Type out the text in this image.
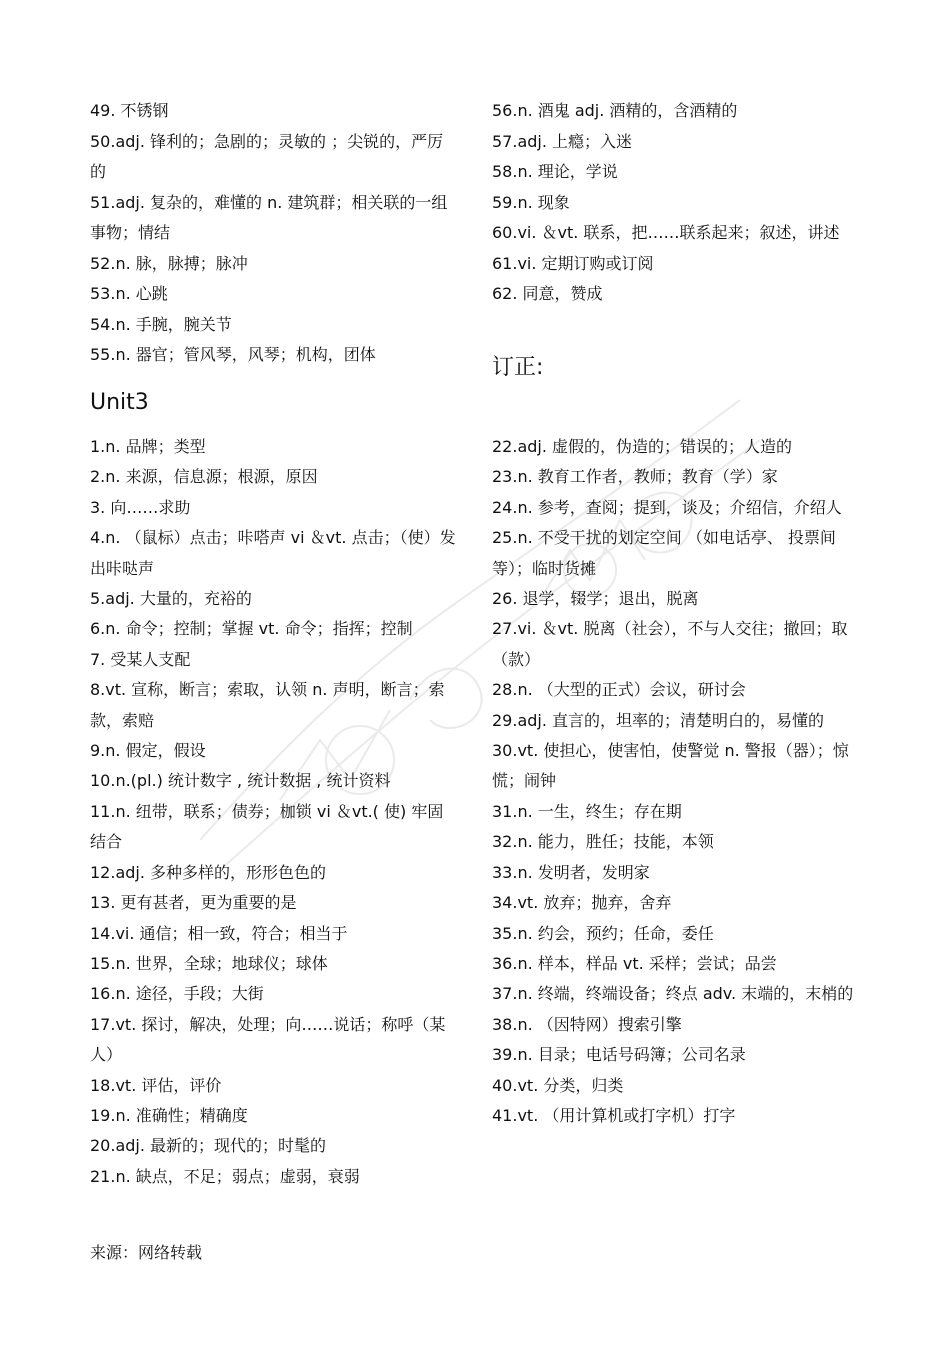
49. 不锈钢

50.adj. 锋利的；急剧的；灵敏的 ；尖锐的，严厉的

51.adj. 复杂的，难懂的 n. 建筑群；相关联的一组事物；情结

52.n. 脉，脉搏；脉冲

53.n. 心跳

54.n. 手腕，腕关节

55.n. 器官；管风琴，风琴；机构，团体

56.n. 酒鬼 adj. 酒精的，含酒精的

57.adj. 上瘾；入迷

58.n. 理论，学说

59.n. 现象

60.vi. ＆vt. 联系，把……联系起来；叙述，讲述

61.vi. 定期订购或订阅

62. 同意，赞成

订正:
Unit3

1.n. 品牌；类型

2.n. 来源，信息源；根源，原因

3. 向……求助

4.n. （鼠标）点击；咔嗒声 vi ＆vt. 点击；（使）发出咔哒声

5.adj. 大量的，充裕的

6.n. 命令；控制；掌握 vt. 命令；指挥；控制

7. 受某人支配

8.vt. 宣称，断言；索取，认领 n. 声明，断言；索款，索赔

9.n. 假定，假设

10.n.(pl.) 统计数字 , 统计数据 , 统计资料

11.n. 纽带，联系；债券；枷锁 vi ＆vt.( 使) 牢固结合

12.adj. 多种多样的，形形色色的

13. 更有甚者，更为重要的是

14.vi. 通信；相一致，符合；相当于

15.n. 世界，全球；地球仪；球体

16.n. 途径，手段；大街

17.vt. 探讨，解决，处理；向……说话；称呼（某人）

18.vt. 评估，评价

19.n. 准确性；精确度

20.adj. 最新的；现代的；时髦的

21.n. 缺点，不足；弱点；虚弱，衰弱

22.adj. 虚假的，伪造的；错误的；人造的

23.n. 教育工作者，教师；教育（学）家

24.n. 参考，查阅；提到，谈及；介绍信，介绍人

25.n. 不受干扰的划定空间 （如电话亭、 投票间等）；临时货摊

26. 退学，辍学；退出，脱离

27.vi. ＆vt. 脱离（社会），不与人交往；撤回；取（款）

28.n. （大型的正式）会议，研讨会

29.adj. 直言的，坦率的；清楚明白的，易懂的

30.vt. 使担心，使害怕，使警觉 n. 警报（器）；惊慌；闹钟

31.n. 一生，终生；存在期

32.n. 能力，胜任；技能，本领

33.n. 发明者，发明家

34.vt. 放弃；抛弃，舍弃

35.n. 约会，预约；任命，委任

36.n. 样本，样品 vt. 采样；尝试；品尝

37.n. 终端，终端设备；终点 adv. 末端的，末梢的

38.n. （因特网）搜索引擎

39.n. 目录；电话号码簿；公司名录

40.vt. 分类，归类

41.vt. （用计算机或打字机）打字

来源：网络转载
